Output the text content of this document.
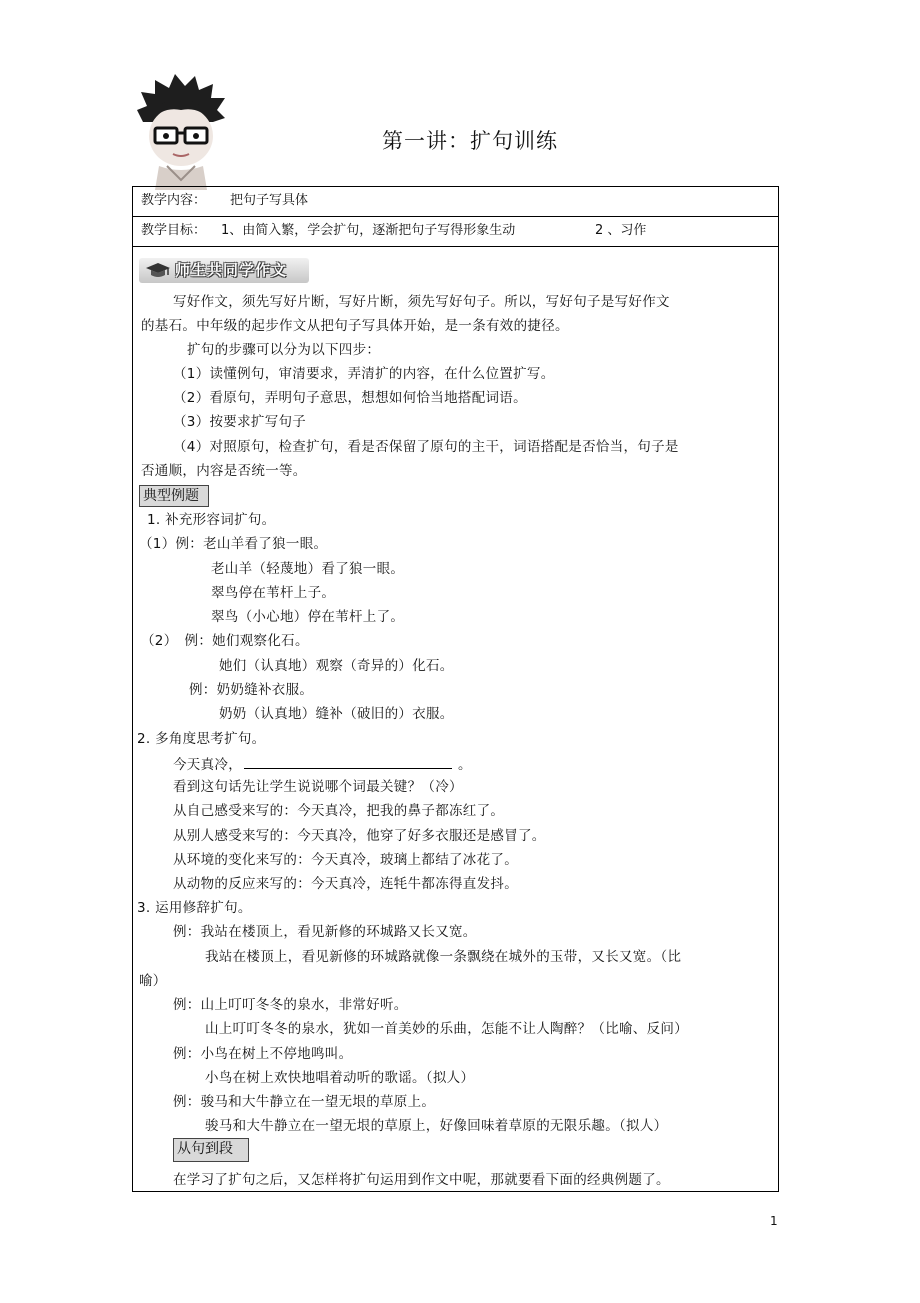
第一讲：扩句训练
教学内容： 把句子写具体
教学目标： 1、由简入繁，学会扩句，逐渐把句子写得形象生动	2 、习作
师生共同学作文
写好作文，须先写好片断，写好片断，须先写好句子。所以，写好句子是写好作文
的基石。中年级的起步作文从把句子写具体开始，是一条有效的捷径。
扩句的步骤可以分为以下四步：
（1）读懂例句，审清要求，弄清扩的内容，在什么位置扩写。
（2）看原句，弄明句子意思，想想如何恰当地搭配词语。
（3）按要求扩写句子
（4）对照原句，检查扩句，看是否保留了原句的主干，词语搭配是否恰当，句子是
否通顺，内容是否统一等。
典型例题
1. 补充形容词扩句。
（1）例：老山羊看了狼一眼。
老山羊（轻蔑地）看了狼一眼。
翠鸟停在苇杆上子。
翠鸟（小心地）停在苇杆上了。
（2）　例：她们观察化石。
她们（认真地）观察（奇异的）化石。
例：奶奶缝补衣服。
奶奶（认真地）缝补（破旧的）衣服。
2. 多角度思考扩句。
今天真冷，	。
看到这句话先让学生说说哪个词最关键？（冷）
从自己感受来写的：今天真冷，把我的鼻子都冻红了。
从别人感受来写的：今天真冷，他穿了好多衣服还是感冒了。
从环境的变化来写的：今天真冷，玻璃上都结了冰花了。
从动物的反应来写的：今天真冷，连牦牛都冻得直发抖。
3. 运用修辞扩句。
例：我站在楼顶上，看见新修的环城路又长又宽。
我站在楼顶上，看见新修的环城路就像一条飘绕在城外的玉带，又长又宽。（比
喻）
例：山上叮叮冬冬的泉水，非常好听。
山上叮叮冬冬的泉水，犹如一首美妙的乐曲，怎能不让人陶醉？（比喻、反问）
例：小鸟在树上不停地鸣叫。
小鸟在树上欢快地唱着动听的歌谣。（拟人）
例：骏马和大牛静立在一望无垠的草原上。
骏马和大牛静立在一望无垠的草原上，好像回味着草原的无限乐趣。（拟人）
从句到段
在学习了扩句之后，又怎样将扩句运用到作文中呢，那就要看下面的经典例题了。
1
